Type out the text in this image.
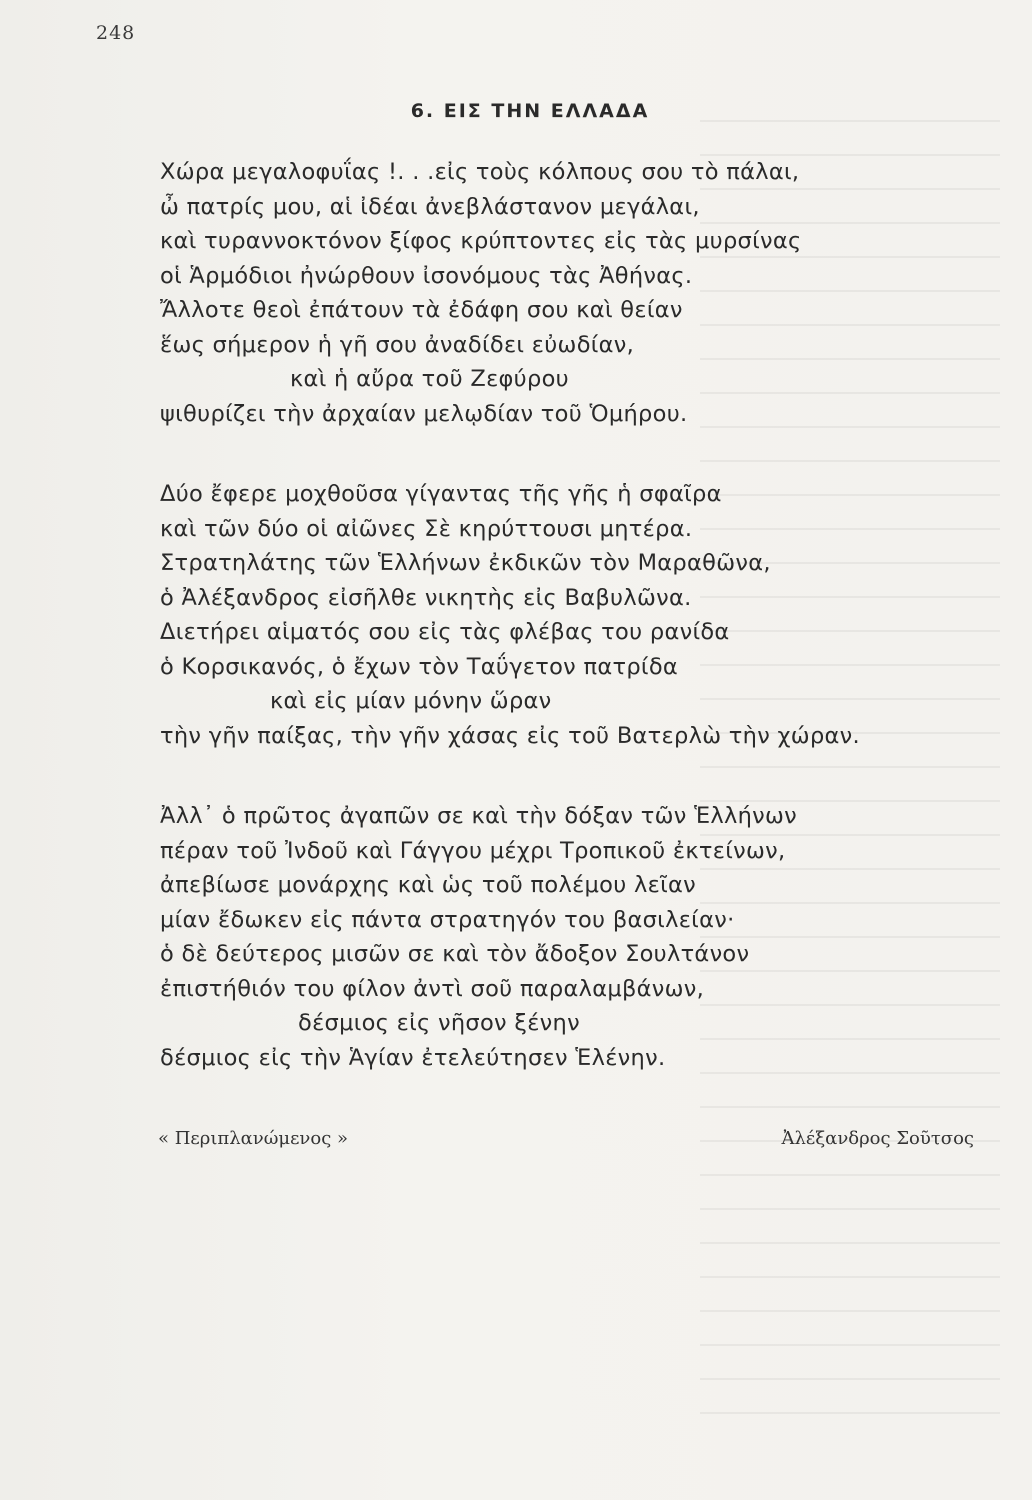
248
6. ΕΙΣ ΤΗΝ ΕΛΛΑΔΑ
Χώρα μεγαλοφυΐας !. . .εἰς τοὺς κόλπους σου τὸ πάλαι,
ὦ πατρίς μου, αἱ ἰδέαι ἀνεβλάστανον μεγάλαι,
καὶ τυραννοκτόνον ξίφος κρύπτοντες εἰς τὰς μυρσίνας
οἱ Ἁρμόδιοι ἠνώρθουν ἰσονόμους τὰς Ἀθήνας.
Ἄλλοτε θεοὶ ἐπάτουν τὰ ἐδάφη σου καὶ θείαν
ἕως σήμερον ἡ γῆ σου ἀναδίδει εὐωδίαν,
καὶ ἡ αὔρα τοῦ Ζεφύρου
ψιθυρίζει τὴν ἀρχαίαν μελῳδίαν τοῦ Ὁμήρου.
Δύο ἔφερε μοχθοῦσα γίγαντας τῆς γῆς ἡ σφαῖρα
καὶ τῶν δύο οἱ αἰῶνες Σὲ κηρύττουσι μητέρα.
Στρατηλάτης τῶν Ἑλλήνων ἐκδικῶν τὸν Μαραθῶνα,
ὁ Ἀλέξανδρος εἰσῆλθε νικητὴς εἰς Βαβυλῶνα.
Διετήρει αἱματός σου εἰς τὰς φλέβας του ρανίδα
ὁ Κορσικανός, ὁ ἔχων τὸν Ταΰγετον πατρίδα
καὶ εἰς μίαν μόνην ὥραν
τὴν γῆν παίξας, τὴν γῆν χάσας εἰς τοῦ Βατερλὼ τὴν χώραν.
Ἀλλ᾽ ὁ πρῶτος ἀγαπῶν σε καὶ τὴν δόξαν τῶν Ἑλλήνων
πέραν τοῦ Ἰνδοῦ καὶ Γάγγου μέχρι Τροπικοῦ ἐκτείνων,
ἀπεβίωσε μονάρχης καὶ ὡς τοῦ πολέμου λεῖαν
μίαν ἔδωκεν εἰς πάντα στρατηγόν του βασιλείαν·
ὁ δὲ δεύτερος μισῶν σε καὶ τὸν ἄδοξον Σουλτάνον
ἐπιστήθιόν του φίλον ἀντὶ σοῦ παραλαμβάνων,
δέσμιος εἰς νῆσον ξένην
δέσμιος εἰς τὴν Ἁγίαν ἐτελεύτησεν Ἑλένην.
« Περιπλανώμενος »	Ἀλέξανδρος Σοῦτσος
